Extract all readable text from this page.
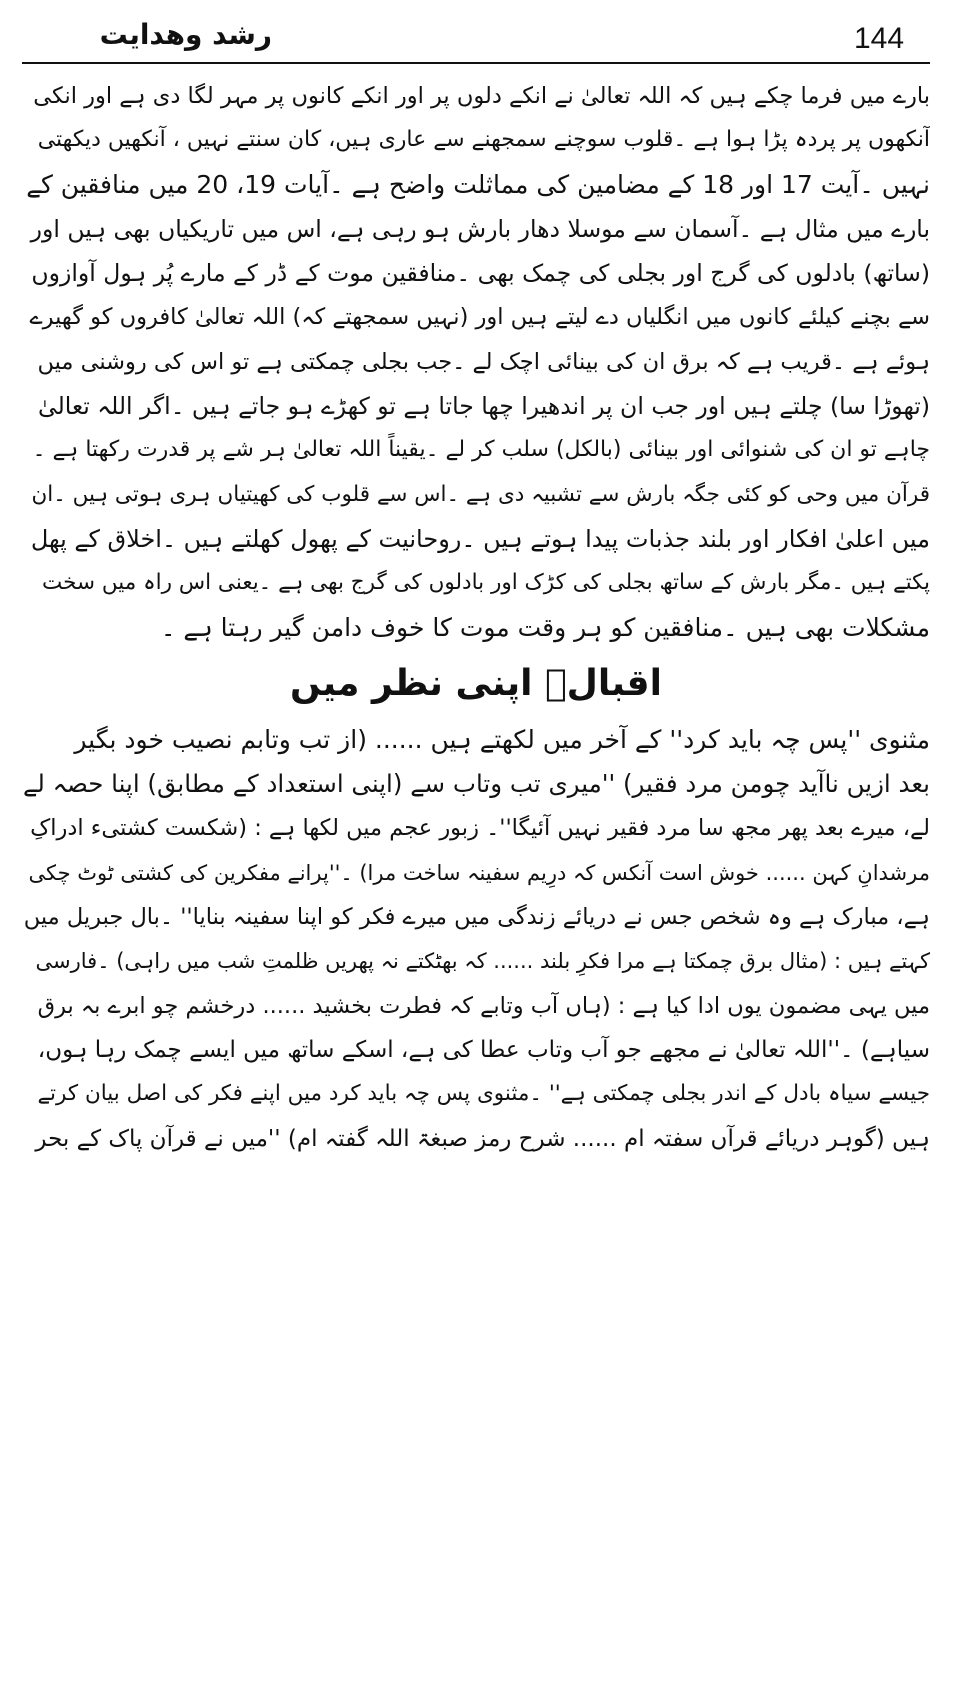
رشد وھدایت	144
بارے میں فرما چکے ہیں کہ اللہ تعالیٰ نے انکے دلوں پر اور انکے کانوں پر مہر لگا دی ہے اور انکی
آنکھوں پر پردہ پڑا ہوا ہے ۔قلوب سوچنے سمجھنے سے عاری ہیں، کان سنتے نہیں ، آنکھیں دیکھتی
نہیں ۔آیت 17 اور 18 کے مضامین کی مماثلت واضح ہے ۔آیات 19، 20 میں منافقین کے
بارے میں مثال ہے ۔آسمان سے موسلا دھار بارش ہو رہی ہے، اس میں تاریکیاں بھی ہیں اور
(ساتھ) بادلوں کی گرج اور بجلی کی چمک بھی ۔منافقین موت کے ڈر کے مارے پُر ہول آوازوں
سے بچنے کیلئے کانوں میں انگلیاں دے لیتے ہیں اور (نہیں سمجھتے کہ) اللہ تعالیٰ کافروں کو گھیرے
ہوئے ہے ۔قریب ہے کہ برق ان کی بینائی اچک لے ۔جب بجلی چمکتی ہے تو اس کی روشنی میں
(تھوڑا سا) چلتے ہیں اور جب ان پر اندھیرا چھا جاتا ہے تو کھڑے ہو جاتے ہیں ۔اگر اللہ تعالیٰ
چاہے تو ان کی شنوائی اور بینائی (بالکل) سلب کر لے ۔یقیناً اللہ تعالیٰ ہر شے پر قدرت رکھتا ہے ۔
قرآن میں وحی کو کئی جگہ بارش سے تشبیہ دی ہے ۔اس سے قلوب کی کھیتیاں ہری ہوتی ہیں ۔ان
میں اعلیٰ افکار اور بلند جذبات پیدا ہوتے ہیں ۔روحانیت کے پھول کھلتے ہیں ۔اخلاق کے پھل
پکتے ہیں ۔مگر بارش کے ساتھ بجلی کی کڑک اور بادلوں کی گرج بھی ہے ۔یعنی اس راہ میں سخت
مشکلات بھی ہیں ۔منافقین کو ہر وقت موت کا خوف دامن گیر رہتا ہے ۔
اقبالؒ اپنی نظر میں
مثنوی ''پس چہ باید کرد'' کے آخر میں لکھتے ہیں ...... (از تب وتابم نصیب خود بگیر
بعد ازیں ناآید چومن مرد فقیر) ''میری تب وتاب سے (اپنی استعداد کے مطابق) اپنا حصہ لے
لے، میرے بعد پھر مجھ سا مرد فقیر نہیں آئیگا''۔ زبور عجم میں لکھا ہے : (شکست کشتیء ادراکِ
مرشدانِ کہن ...... خوش است آنکس کہ درِیم سفینہ ساخت مرا) ۔''پرانے مفکرین کی کشتی ٹوٹ چکی
ہے، مبارک ہے وہ شخص جس نے دریائے زندگی میں میرے فکر کو اپنا سفینہ بنایا'' ۔بال جبریل میں
کہتے ہیں : (مثال برق چمکتا ہے مرا فکرِ بلند ...... کہ بھٹکتے نہ پھریں ظلمتِ شب میں راہی) ۔فارسی
میں یہی مضمون یوں ادا کیا ہے : (ہاں آب وتابے کہ فطرت بخشید ...... درخشم چو ابرے بہ برق
سیاہے) ۔''اللہ تعالیٰ نے مجھے جو آب وتاب عطا کی ہے، اسکے ساتھ میں ایسے چمک رہا ہوں،
جیسے سیاہ بادل کے اندر بجلی چمکتی ہے'' ۔مثنوی پس چہ باید کرد میں اپنے فکر کی اصل بیان کرتے
ہیں (گوہر دریائے قرآں سفتہ ام ...... شرح رمز صبغۃ اللہ گفتہ ام) ''میں نے قرآن پاک کے بحر
